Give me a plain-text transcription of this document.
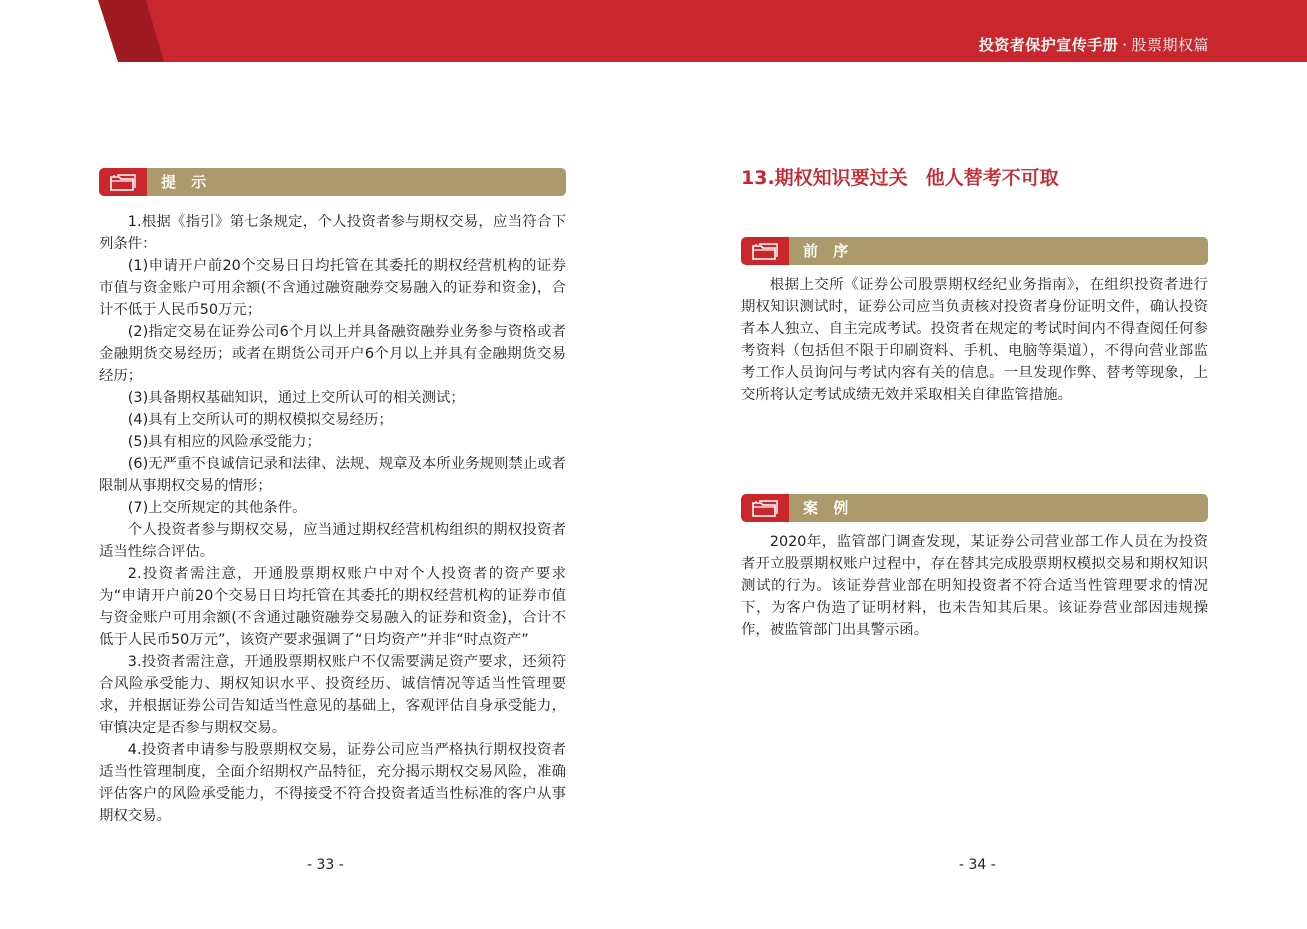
投资者保护宣传手册 · 股票期权篇
提 示

1.根据《指引》第七条规定，个人投资者参与期权交易，应当符合下列条件：

(1)申请开户前20个交易日日均托管在其委托的期权经营机构的证券市值与资金账户可用余额(不含通过融资融券交易融入的证券和资金)，合计不低于人民币50万元；

(2)指定交易在证券公司6个月以上并具备融资融券业务参与资格或者金融期货交易经历；或者在期货公司开户6个月以上并具有金融期货交易经历；

(3)具备期权基础知识，通过上交所认可的相关测试；

(4)具有上交所认可的期权模拟交易经历；

(5)具有相应的风险承受能力；

(6)无严重不良诚信记录和法律、法规、规章及本所业务规则禁止或者限制从事期权交易的情形；

(7)上交所规定的其他条件。

个人投资者参与期权交易，应当通过期权经营机构组织的期权投资者适当性综合评估。

2.投资者需注意，开通股票期权账户中对个人投资者的资产要求为“申请开户前20个交易日日均托管在其委托的期权经营机构的证券市值与资金账户可用余额(不含通过融资融券交易融入的证券和资金)，合计不低于人民币50万元”，该资产要求强调了“日均资产”并非“时点资产”

3.投资者需注意，开通股票期权账户不仅需要满足资产要求，还须符合风险承受能力、期权知识水平、投资经历、诚信情况等适当性管理要求，并根据证券公司告知适当性意见的基础上，客观评估自身承受能力，审慎决定是否参与期权交易。

4.投资者申请参与股票期权交易，证券公司应当严格执行期权投资者适当性管理制度，全面介绍期权产品特征，充分揭示期权交易风险，准确评估客户的风险承受能力，不得接受不符合投资者适当性标准的客户从事期权交易。

- 33 -
13.期权知识要过关 他人替考不可取
前 序

根据上交所《证券公司股票期权经纪业务指南》，在组织投资者进行期权知识测试时，证券公司应当负责核对投资者身份证明文件，确认投资者本人独立、自主完成考试。投资者在规定的考试时间内不得查阅任何参考资料（包括但不限于印刷资料、手机、电脑等渠道），不得向营业部监考工作人员询问与考试内容有关的信息。一旦发现作弊、替考等现象，上交所将认定考试成绩无效并采取相关自律监管措施。

案 例

2020年，监管部门调查发现，某证券公司营业部工作人员在为投资者开立股票期权账户过程中，存在替其完成股票期权模拟交易和期权知识测试的行为。该证券营业部在明知投资者不符合适当性管理要求的情况下，为客户伪造了证明材料，也未告知其后果。该证券营业部因违规操作，被监管部门出具警示函。

- 34 -
